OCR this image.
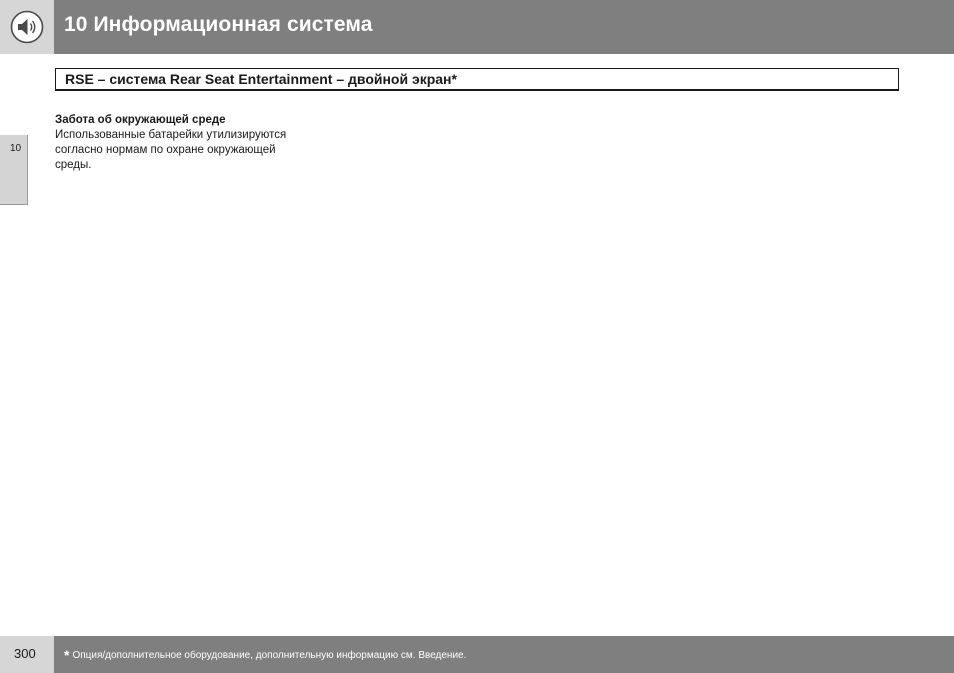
10 Информационная система
RSE – система Rear Seat Entertainment – двойной экран*
10
Забота об окружающей среде
Использованные батарейки утилизируются
согласно нормам по охране окружающей
среды.
300 * Опция/дополнительное оборудование, дополнительную информацию см. Введение.
